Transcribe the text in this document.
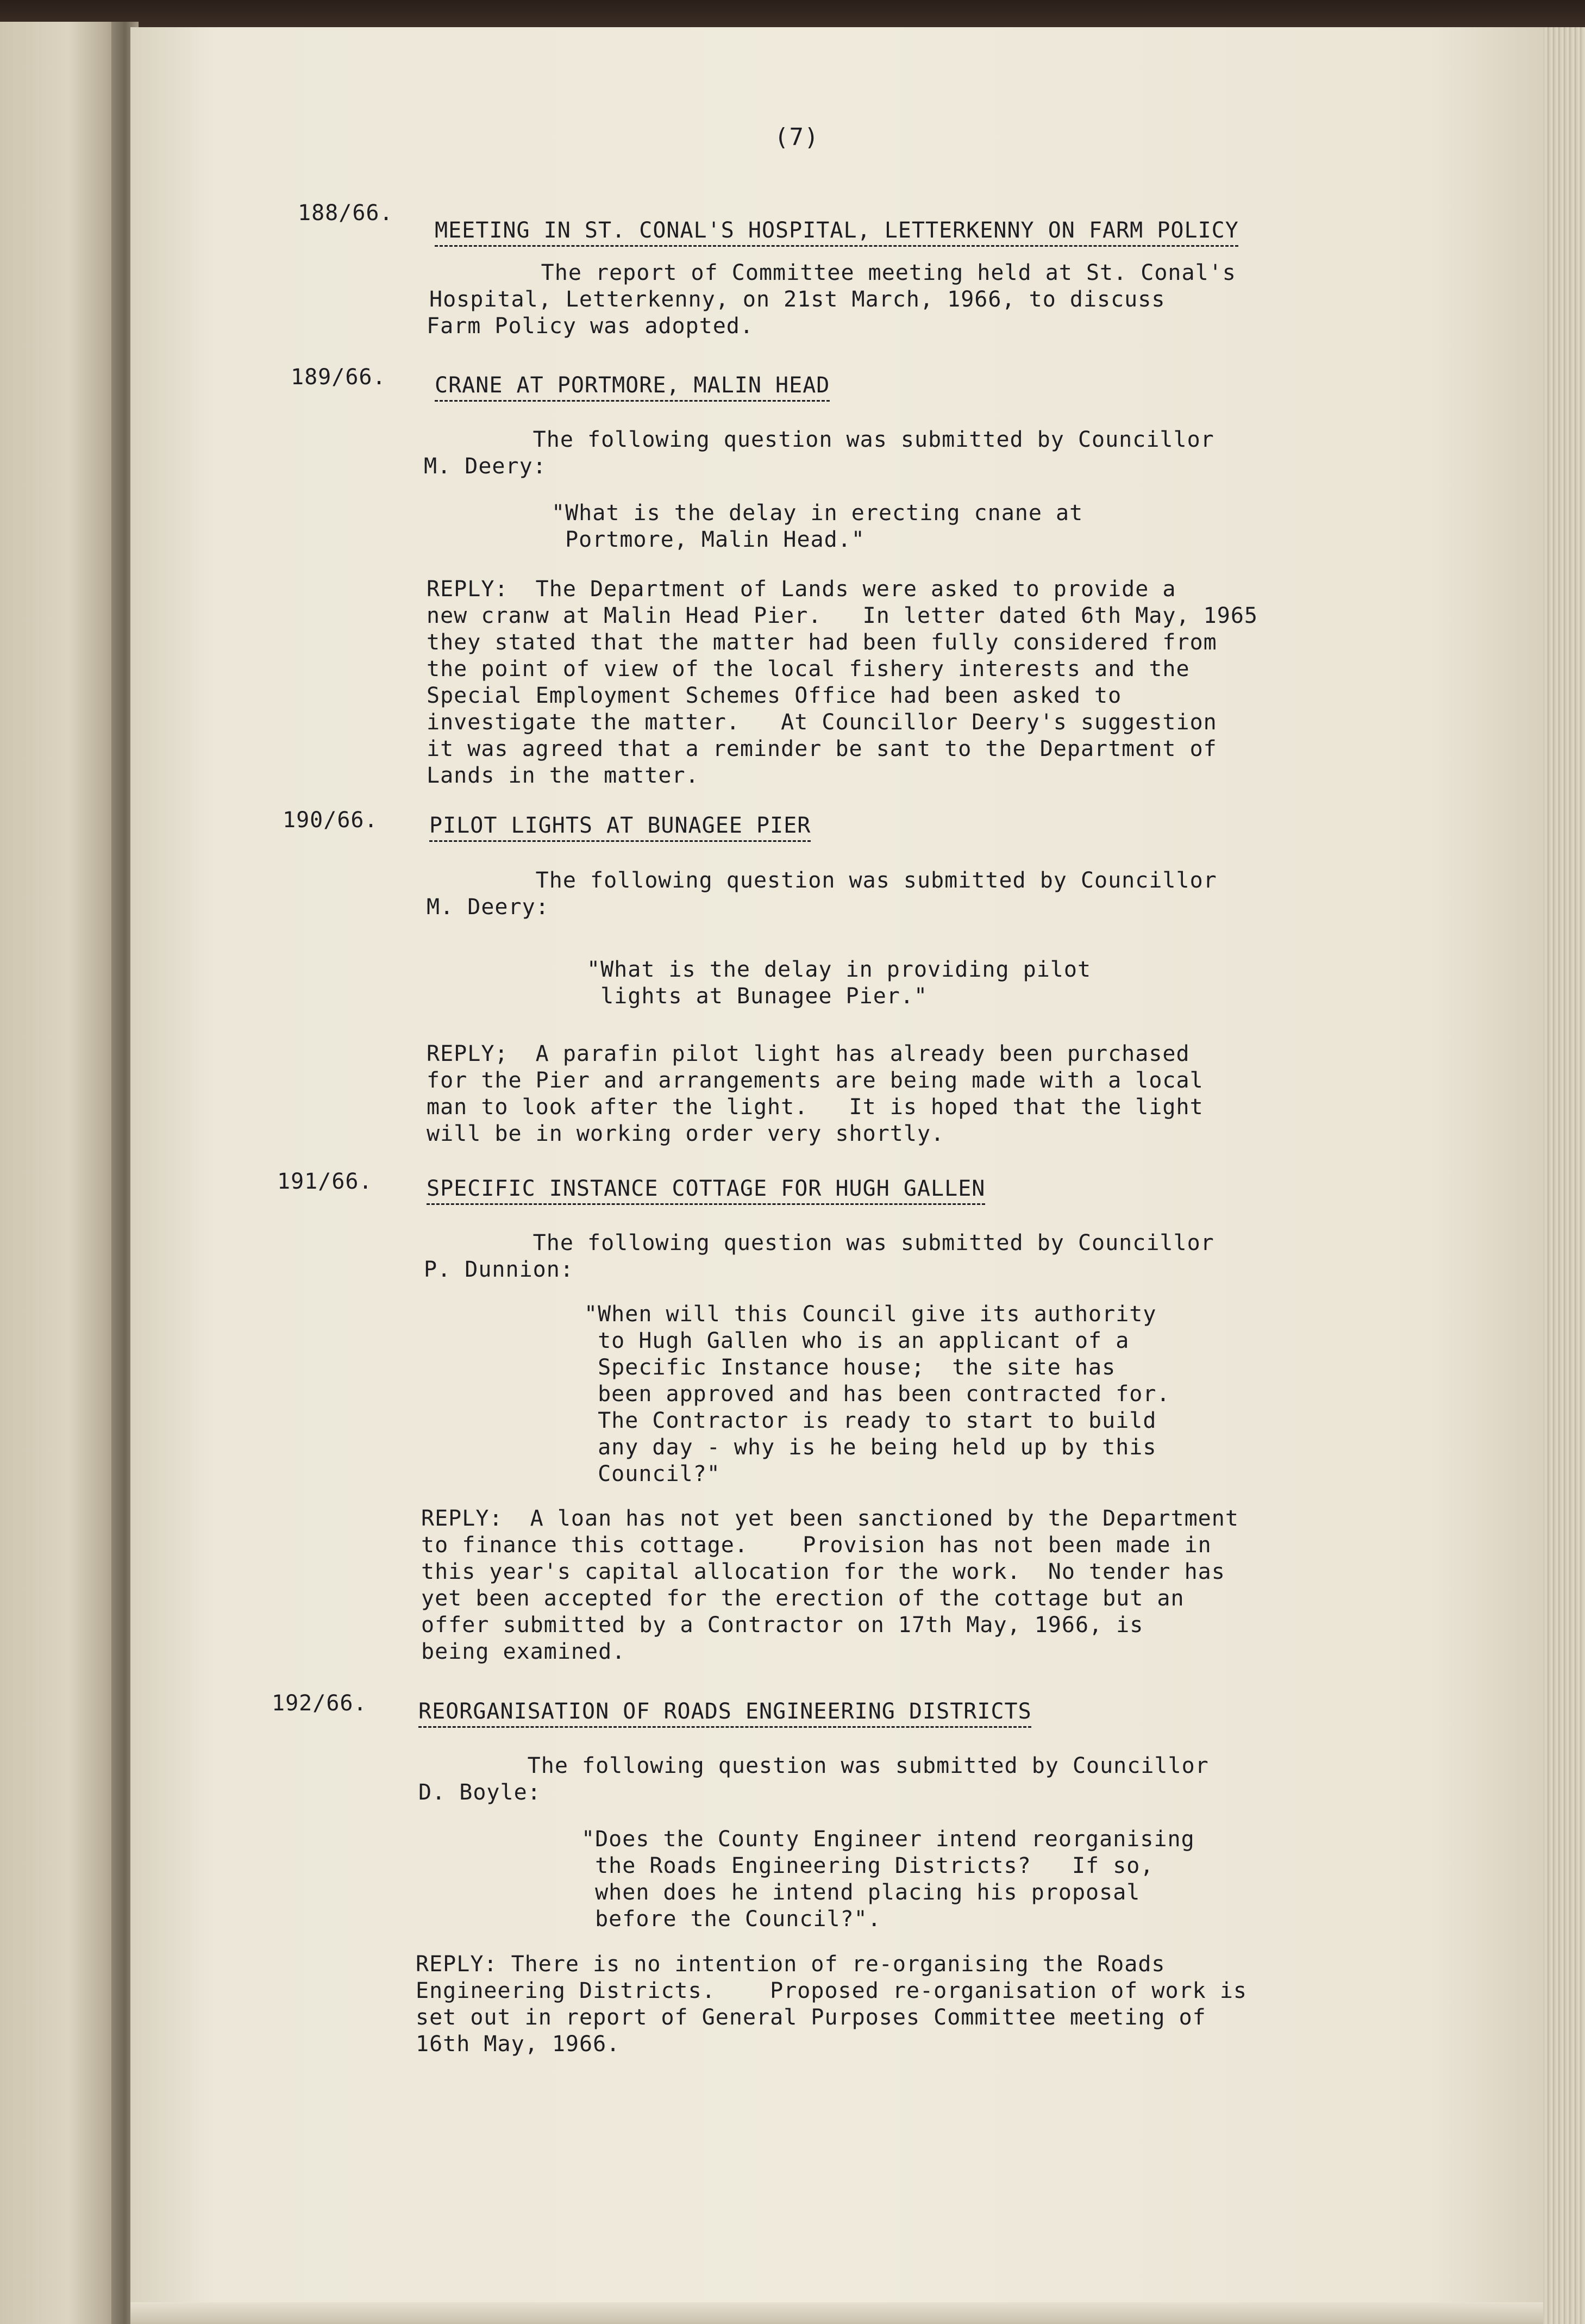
(7)
188/66.
MEETING IN ST. CONAL'S HOSPITAL, LETTERKENNY ON FARM POLICY
The report of Committee meeting held at St. Conal's
Hospital, Letterkenny, on 21st March, 1966, to discuss
Farm Policy was adopted.
189/66. CRANE AT PORTMORE, MALIN HEAD
The following question was submitted by Councillor
M. Deery:
"What is the delay in erecting cnane at
Portmore, Malin Head."
REPLY:  The Department of Lands were asked to provide a
new cranw at Malin Head Pier.   In letter dated 6th May, 1965
they stated that the matter had been fully considered from
the point of view of the local fishery interests and the
Special Employment Schemes Office had been asked to
investigate the matter.   At Councillor Deery's suggestion
it was agreed that a reminder be sant to the Department of
Lands in the matter.
190/66. PILOT LIGHTS AT BUNAGEE PIER
The following question was submitted by Councillor
M. Deery:
"What is the delay in providing pilot
lights at Bunagee Pier."
REPLY;  A parafin pilot light has already been purchased
for the Pier and arrangements are being made with a local
man to look after the light.   It is hoped that the light
will be in working order very shortly.
191/66. SPECIFIC INSTANCE COTTAGE FOR HUGH GALLEN
The following question was submitted by Councillor
P. Dunnion:
"When will this Council give its authority
to Hugh Gallen who is an applicant of a
Specific Instance house;  the site has
been approved and has been contracted for.
The Contractor is ready to start to build
any day - why is he being held up by this
Council?"
REPLY:  A loan has not yet been sanctioned by the Department
to finance this cottage.    Provision has not been made in
this year's capital allocation for the work.  No tender has
yet been accepted for the erection of the cottage but an
offer submitted by a Contractor on 17th May, 1966, is
being examined.
192/66. REORGANISATION OF ROADS ENGINEERING DISTRICTS
The following question was submitted by Councillor
D. Boyle:
"Does the County Engineer intend reorganising
the Roads Engineering Districts?   If so,
when does he intend placing his proposal
before the Council?".
REPLY: There is no intention of re-organising the Roads
Engineering Districts.    Proposed re-organisation of work is
set out in report of General Purposes Committee meeting of
16th May, 1966.
